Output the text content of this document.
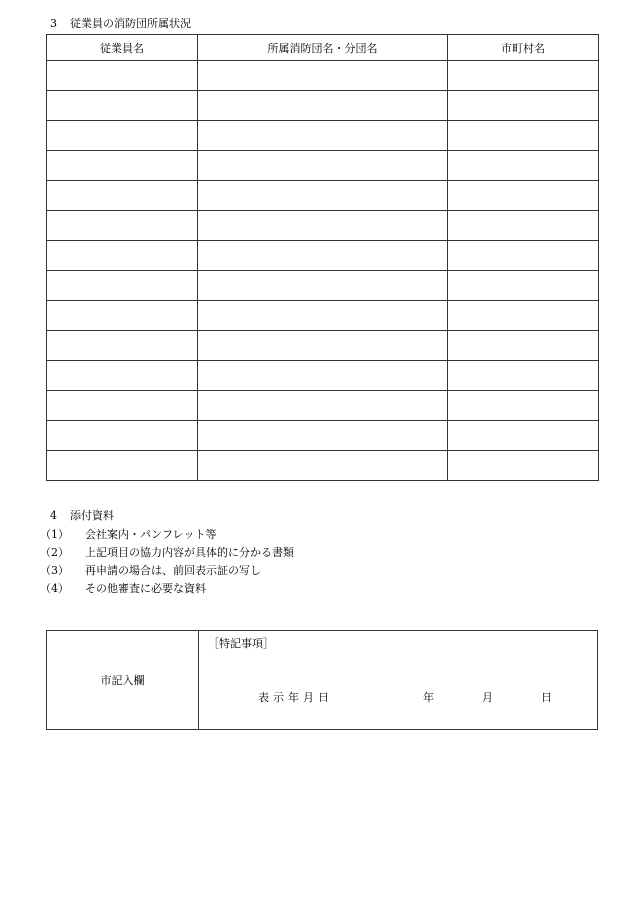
3 従業員の消防団所属状況
従業員名	所属消防団名・分団名	市町村名

4 添付資料
（1） 会社案内・パンフレット等
（2） 上記項目の協力内容が具体的に分かる書類
（3） 再申請の場合は、前回表示証の写し
（4） その他審査に必要な資料
市記入欄
［特記事項］
表示年月日	年	月	日
